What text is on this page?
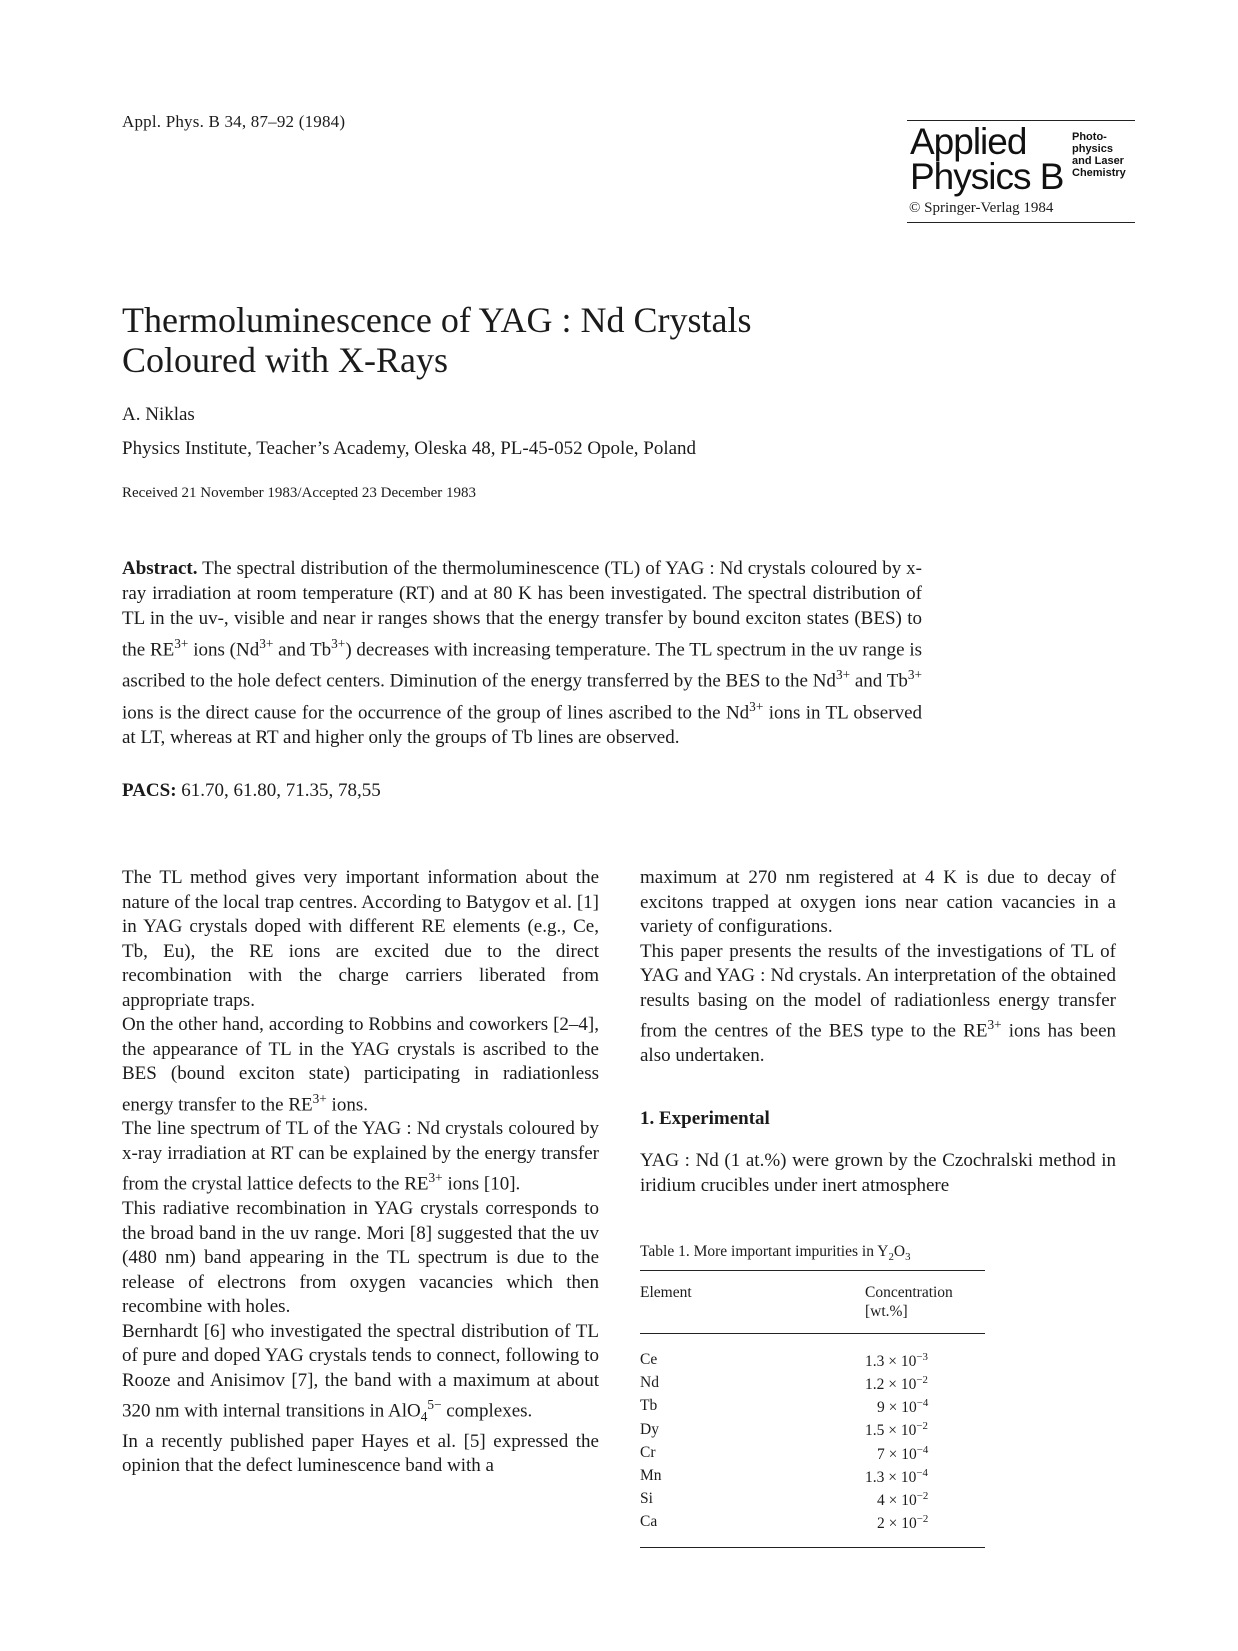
Appl. Phys. B 34, 87–92 (1984)	Applied
Physics B
Photo-
physics
and Laser
Chemistry
© Springer-Verlag 1984
Thermoluminescence of YAG : Nd Crystals
Coloured with X-Rays
A. Niklas
Physics Institute, Teacher’s Academy, Oleska 48, PL-45-052 Opole, Poland
Received 21 November 1983/Accepted 23 December 1983

Abstract. The spectral distribution of the thermoluminescence (TL) of YAG : Nd crystals coloured by x-ray irradiation at room temperature (RT) and at 80 K has been investigated. The spectral distribution of TL in the uv-, visible and near ir ranges shows that the energy transfer by bound exciton states (BES) to the $RE^{3+}$ ions ($Nd^{3+}$ and $Tb^{3+}$) decreases with increasing temperature. The TL spectrum in the uv range is ascribed to the hole defect centers. Diminution of the energy transferred by the BES to the $Nd^{3+}$ and $Tb^{3+}$ ions is the direct cause for the occurrence of the group of lines ascribed to the $Nd^{3+}$ ions in TL observed at LT, whereas at RT and higher only the groups of Tb lines are observed.

PACS: 61.70, 61.80, 71.35, 78,55

The TL method gives very important information about the nature of the local trap centres. According to Batygov et al. [1] in YAG crystals doped with different RE elements (e.g., Ce, Tb, Eu), the RE ions are excited due to the direct recombination with the charge carriers liberated from appropriate traps.

On the other hand, according to Robbins and coworkers [2–4], the appearance of TL in the YAG crystals is ascribed to the BES (bound exciton state) participating in radiationless energy transfer to the $RE^{3+}$ ions.

The line spectrum of TL of the YAG : Nd crystals coloured by x-ray irradiation at RT can be explained by the energy transfer from the crystal lattice defects to the $RE^{3+}$ ions [10].

This radiative recombination in YAG crystals corresponds to the broad band in the uv range. Mori [8] suggested that the uv (480 nm) band appearing in the TL spectrum is due to the release of electrons from oxygen vacancies which then recombine with holes.

Bernhardt [6] who investigated the spectral distribution of TL of pure and doped YAG crystals tends to connect, following to Rooze and Anisimov [7], the band with a maximum at about 320 nm with internal transitions in AlO$_4^{5-}$ complexes.

In a recently published paper Hayes et al. [5] expressed the opinion that the defect luminescence band with a

maximum at 270 nm registered at 4 K is due to decay of excitons trapped at oxygen ions near cation vacancies in a variety of configurations.

This paper presents the results of the investigations of TL of YAG and YAG : Nd crystals. An interpretation of the obtained results basing on the model of radiationless energy transfer from the centres of the BES type to the $RE^{3+}$ ions has been also undertaken.

1. Experimental

YAG : Nd (1 at.%) were grown by the Czochralski method in iridium crucibles under inert atmosphere

Table 1. More important impurities in $Y_2O_3$
Element	Concentration
[wt.%]

Ce	$1.3 \times 10^{-3}$
Nd	$1.2 \times 10^{-2}$
Tb	$9 \times 10^{-4}$
Dy	$1.5 \times 10^{-2}$
Cr	$7 \times 10^{-4}$
Mn	$1.3 \times 10^{-4}$
Si	$4 \times 10^{-2}$
Ca	$2 \times 10^{-2}$
